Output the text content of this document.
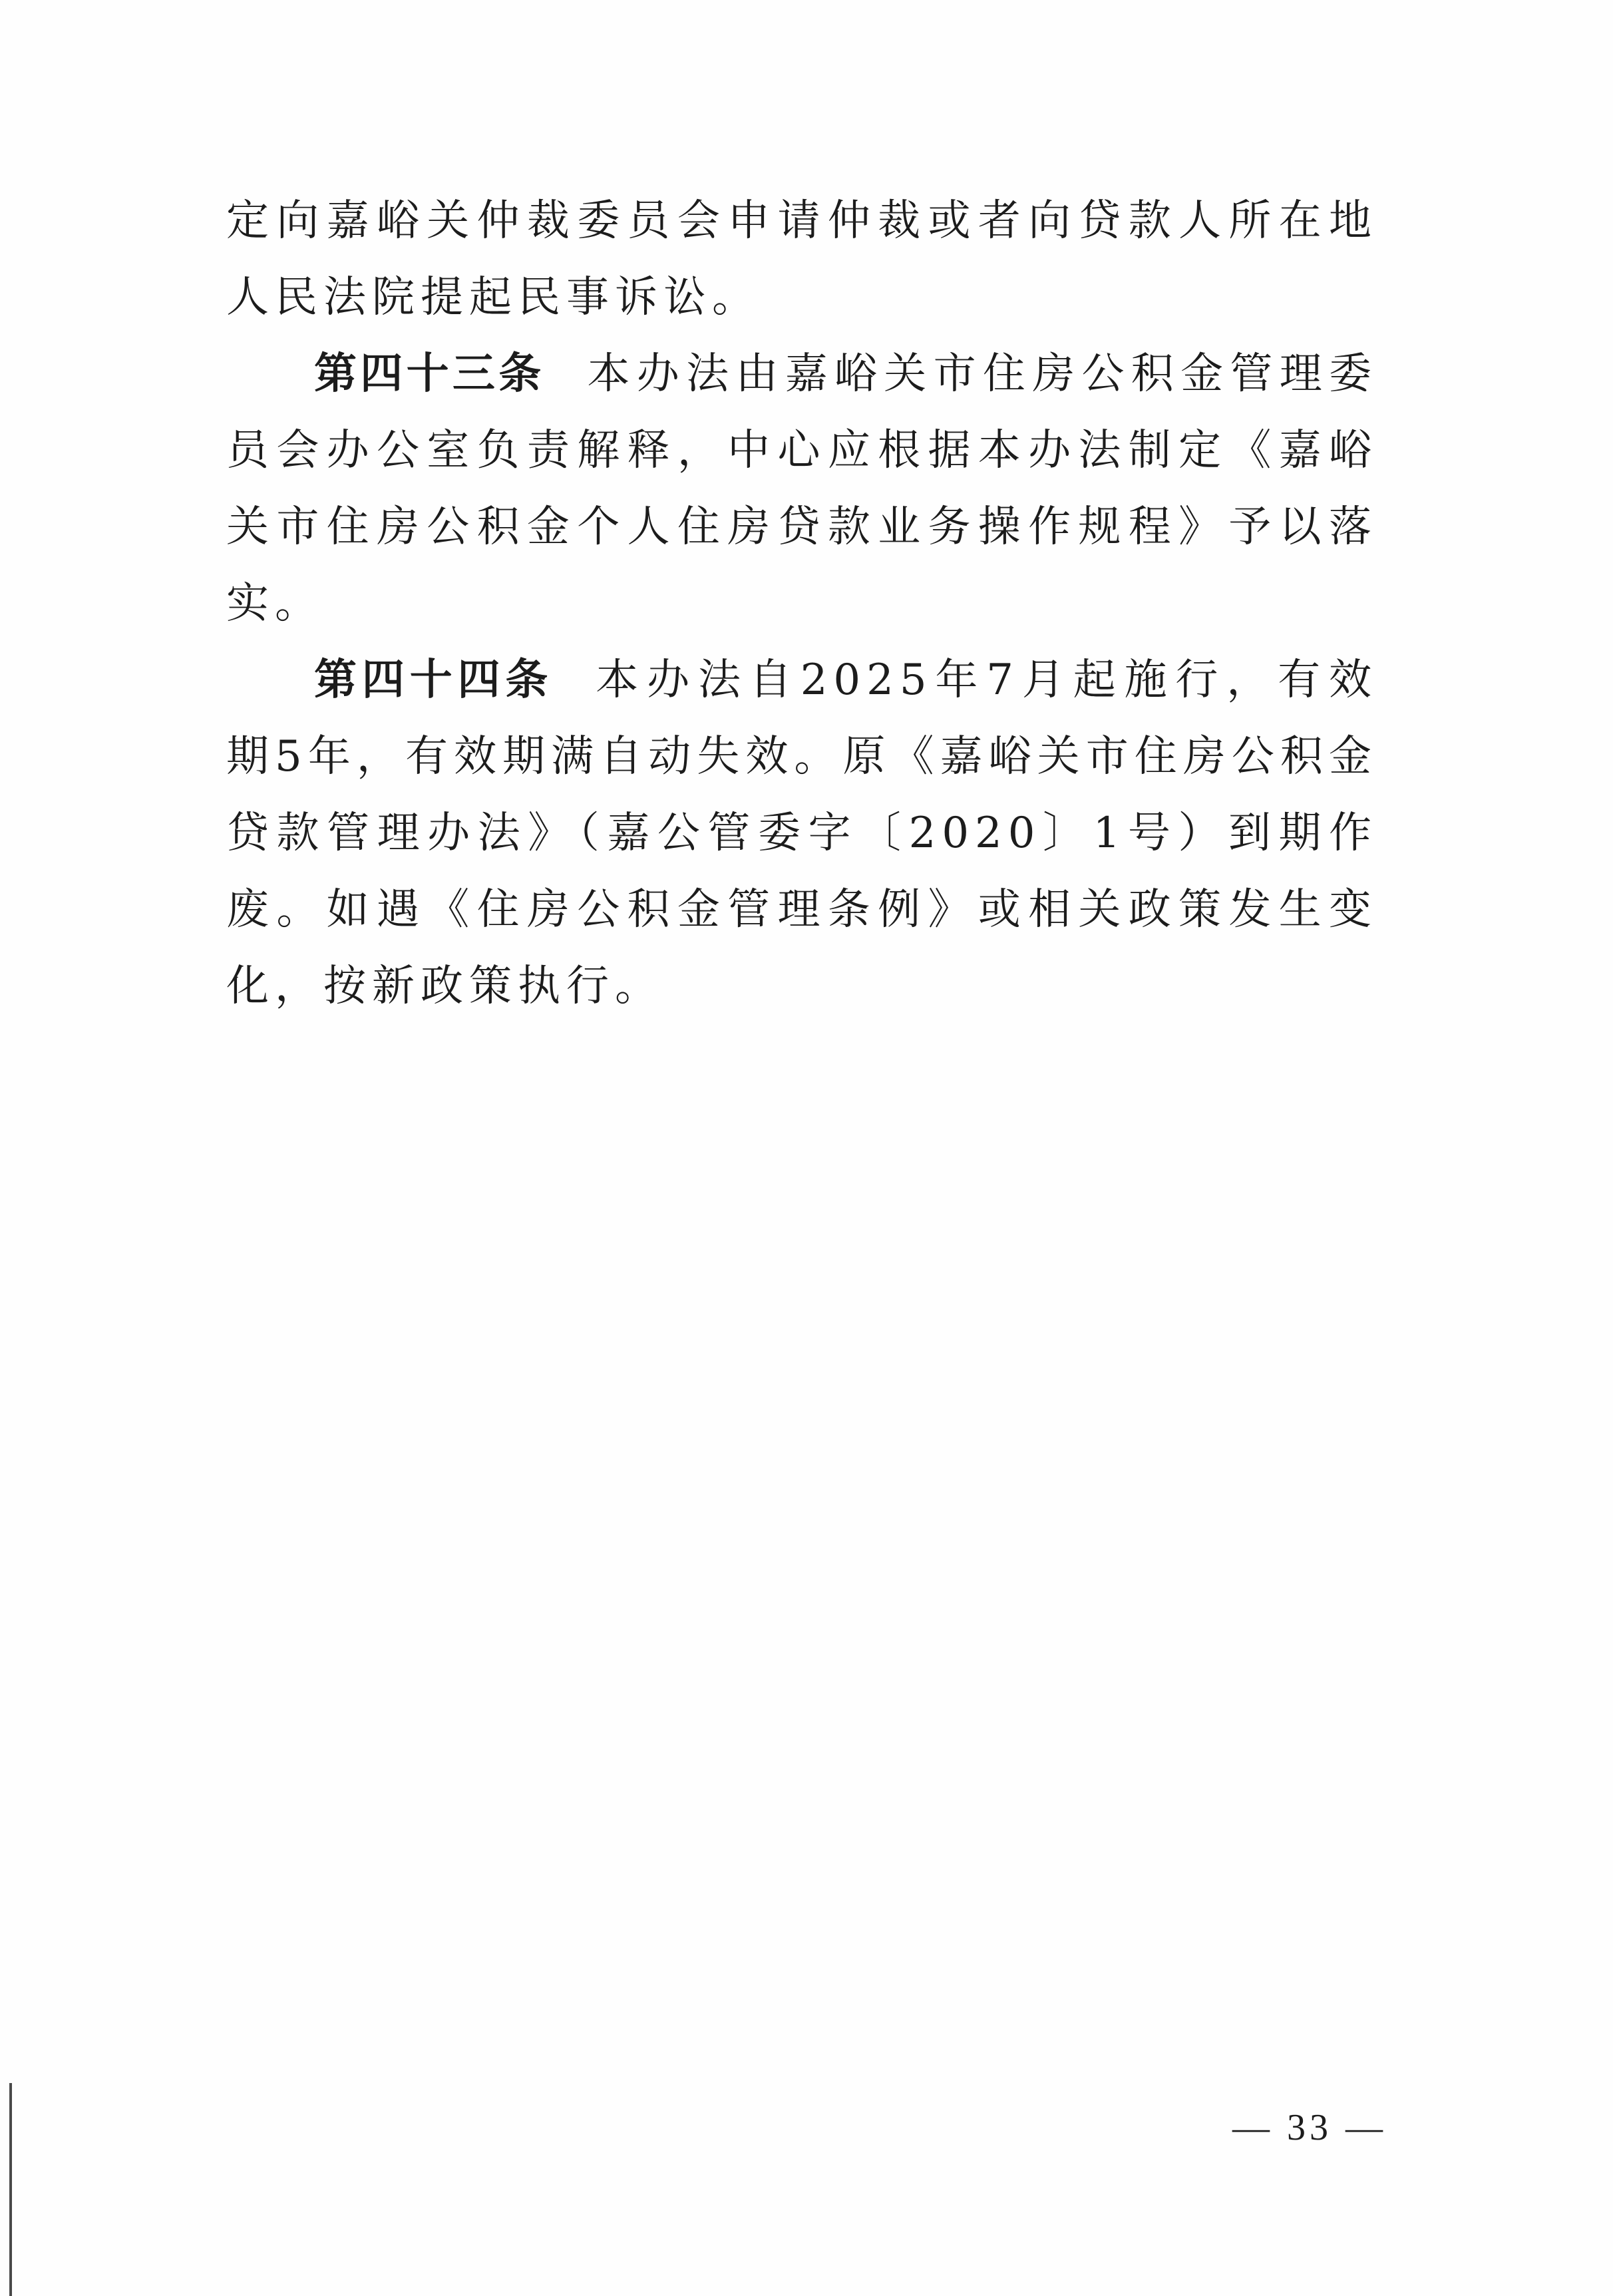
定向嘉峪关仲裁委员会申请仲裁或者向贷款人所在地人民法院提起民事诉讼。

第四十三条 本办法由嘉峪关市住房公积金管理委员会办公室负责解释，中心应根据本办法制定《嘉峪关市住房公积金个人住房贷款业务操作规程》予以落实。

第四十四条 本办法自2025年7月起施行，有效期5年，有效期满自动失效。原《嘉峪关市住房公积金贷款管理办法》（嘉公管委字〔2020〕1号）到期作废。如遇《住房公积金管理条例》或相关政策发生变化，按新政策执行。

— 33 —
